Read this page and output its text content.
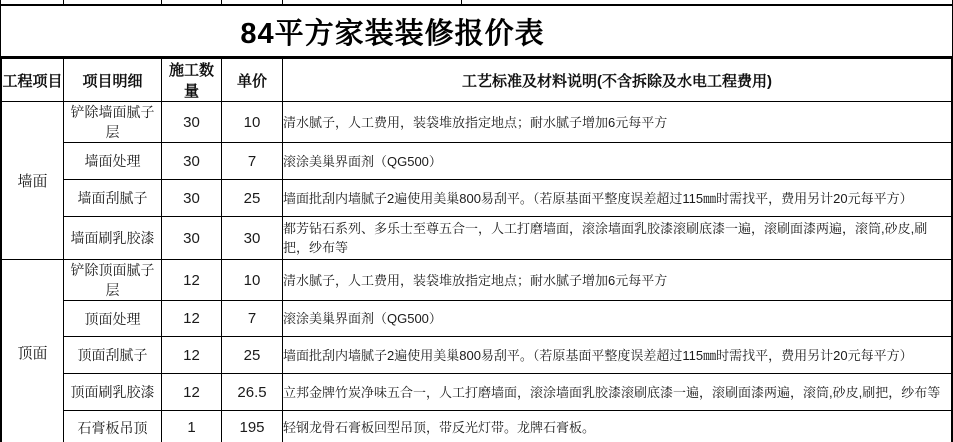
84平方家装装修报价表
工程项目	项目明细	施工数量	单价	工艺标准及材料说明(不含拆除及水电工程费用)
墙面	铲除墙面腻子层	30	10	清水腻子，人工费用，装袋堆放指定地点；耐水腻子增加6元每平方
	墙面处理	30	7	滚涂美巢界面剂（QG500）
	墙面刮腻子	30	25	墙面批刮内墙腻子2遍使用美巢800易刮平。（若原基面平整度误差超过115㎜时需找平，费用另计20元每平方）
	墙面刷乳胶漆	30	30	都芳钻石系列、多乐士至尊五合一，人工打磨墙面，滚涂墙面乳胶漆滚刷底漆一遍，滚刷面漆两遍，滚筒,砂皮,刷把，纱布等
顶面	铲除顶面腻子层	12	10	清水腻子，人工费用，装袋堆放指定地点；耐水腻子增加6元每平方
	顶面处理	12	7	滚涂美巢界面剂（QG500）
	顶面刮腻子	12	25	墙面批刮内墙腻子2遍使用美巢800易刮平。（若原基面平整度误差超过115㎜时需找平，费用另计20元每平方）
	顶面刷乳胶漆	12	26.5	立邦金牌竹炭净味五合一，人工打磨墙面，滚涂墙面乳胶漆滚刷底漆一遍，滚刷面漆两遍，滚筒,砂皮,刷把，纱布等
	石膏板吊顶	1	195	轻钢龙骨石膏板回型吊顶，带反光灯带。龙牌石膏板。
